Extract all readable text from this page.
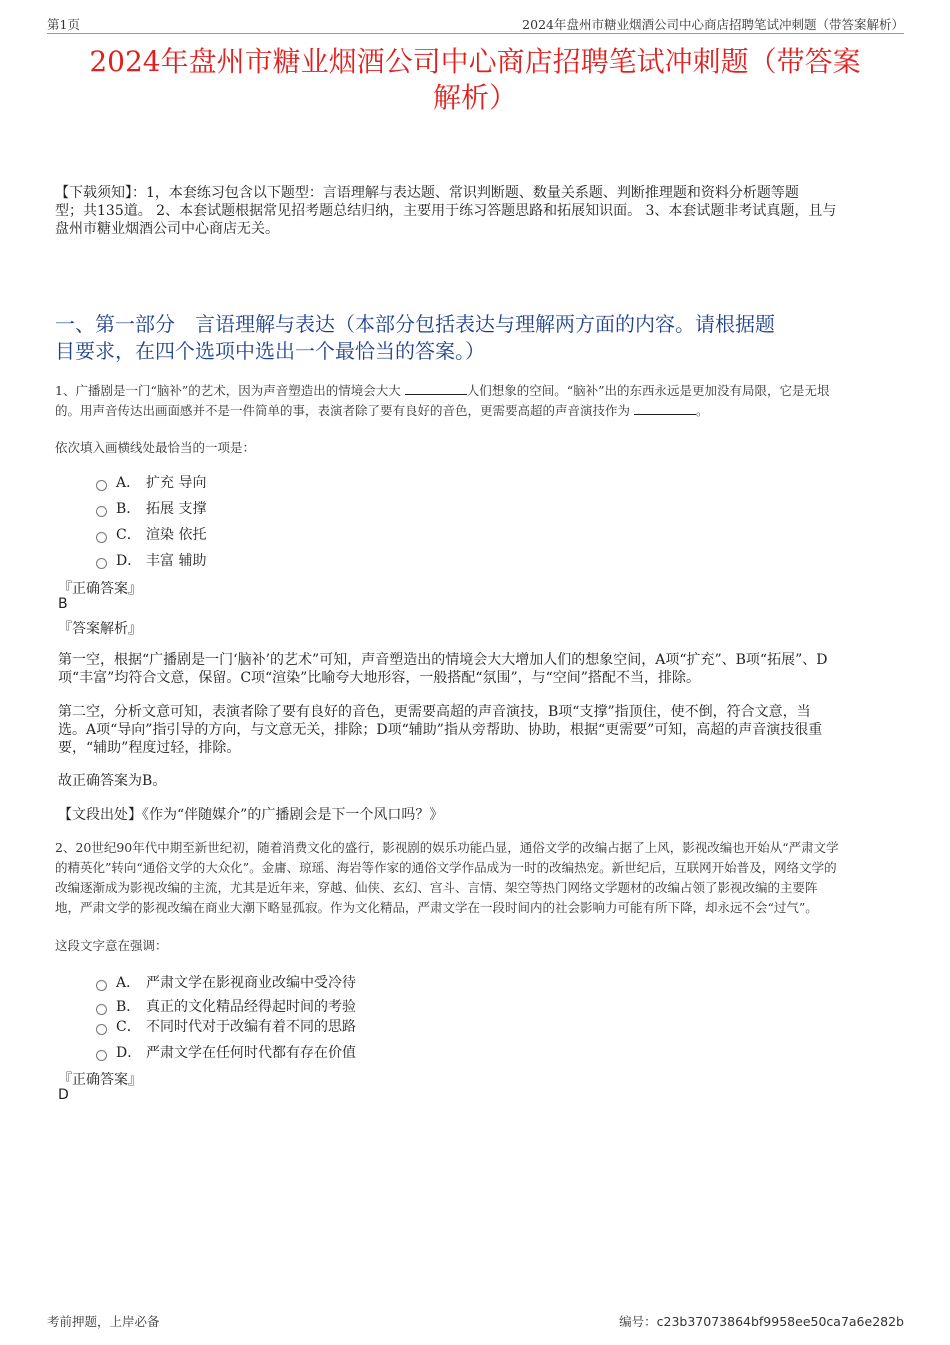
第1页	2024年盘州市糖业烟酒公司中心商店招聘笔试冲刺题（带答案解析）
2024年盘州市糖业烟酒公司中心商店招聘笔试冲刺题（带答案
解析）
【下载须知】：1，本套练习包含以下题型：言语理解与表达题、常识判断题、数量关系题、判断推理题和资料分析题等题
型；共135道。 2、本套试题根据常见招考题总结归纳，主要用于练习答题思路和拓展知识面。 3、本套试题非考试真题，且与
盘州市糖业烟酒公司中心商店无关。
一、第一部分　言语理解与表达（本部分包括表达与理解两方面的内容。请根据题
目要求，在四个选项中选出一个最恰当的答案。）
1、广播剧是一门“脑补”的艺术，因为声音塑造出的情境会大大	人们想象的空间。“脑补”出的东西永远是更加没有局限，它是无垠
的。用声音传达出画面感并不是一件简单的事，表演者除了要有良好的音色，更需要高超的声音演技作为	。
依次填入画横线处最恰当的一项是：
A． 扩充 导向
B． 拓展 支撑
C． 渲染 依托
D． 丰富 辅助
『正确答案』
B
『答案解析』
第一空，根据“广播剧是一门‘脑补’的艺术”可知，声音塑造出的情境会大大增加人们的想象空间，A项“扩充”、B项“拓展”、D
项“丰富”均符合文意，保留。C项“渲染”比喻夸大地形容，一般搭配“氛围”，与“空间”搭配不当，排除。
第二空，分析文意可知，表演者除了要有良好的音色，更需要高超的声音演技，B项“支撑”指顶住，使不倒，符合文意，当
选。A项“导向”指引导的方向，与文意无关，排除；D项“辅助”指从旁帮助、协助，根据“更需要”可知，高超的声音演技很重
要，“辅助”程度过轻，排除。
故正确答案为B。
【文段出处】《作为“伴随媒介”的广播剧会是下一个风口吗？》
2、20世纪90年代中期至新世纪初，随着消费文化的盛行，影视剧的娱乐功能凸显，通俗文学的改编占据了上风，影视改编也开始从“严肃文学
的精英化”转向“通俗文学的大众化”。金庸、琼瑶、海岩等作家的通俗文学作品成为一时的改编热宠。新世纪后，互联网开始普及，网络文学的
改编逐渐成为影视改编的主流，尤其是近年来，穿越、仙侠、玄幻、宫斗、言情、架空等热门网络文学题材的改编占领了影视改编的主要阵
地，严肃文学的影视改编在商业大潮下略显孤寂。作为文化精品，严肃文学在一段时间内的社会影响力可能有所下降，却永远不会“过气”。
这段文字意在强调：
A． 严肃文学在影视商业改编中受冷待
B． 真正的文化精品经得起时间的考验
C． 不同时代对于改编有着不同的思路
D． 严肃文学在任何时代都有存在价值
『正确答案』
D
考前押题，上岸必备	编号：c23b37073864bf9958ee50ca7a6e282b
